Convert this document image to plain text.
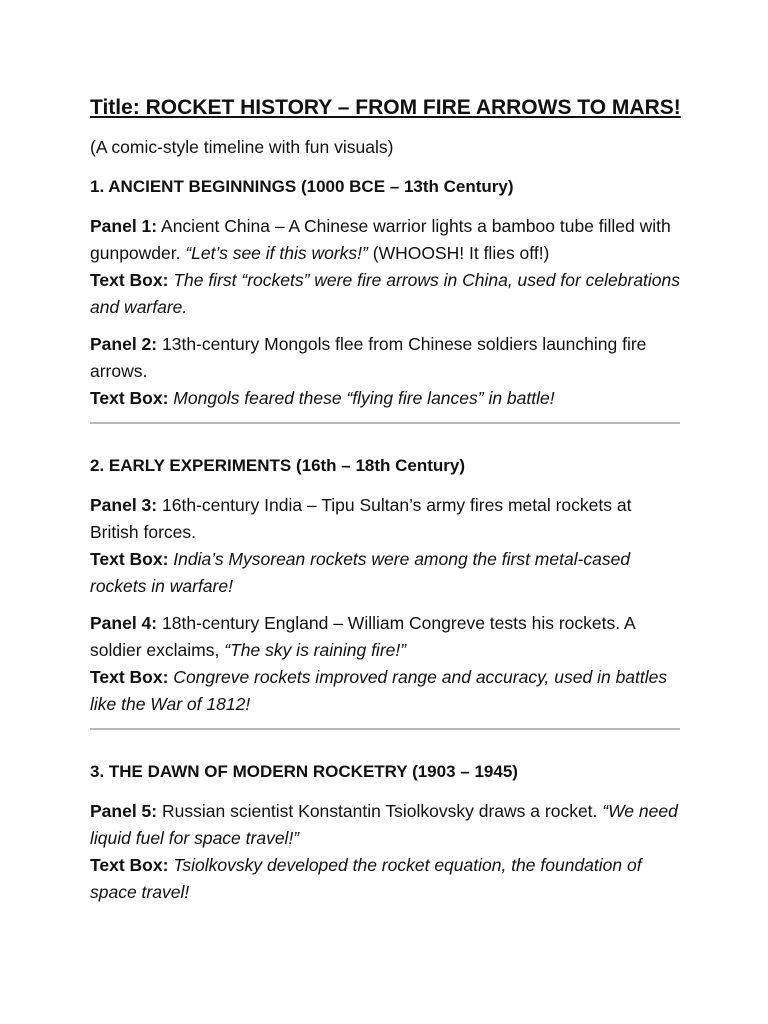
Title: ROCKET HISTORY – FROM FIRE ARROWS TO MARS!

(A comic-style timeline with fun visuals)

1. ANCIENT BEGINNINGS (1000 BCE – 13th Century)

Panel 1: Ancient China – A Chinese warrior lights a bamboo tube filled with gunpowder. “Let’s see if this works!” (WHOOSH! It flies off!)
Text Box: The first “rockets” were fire arrows in China, used for celebrations and warfare.

Panel 2: 13th-century Mongols flee from Chinese soldiers launching fire arrows.
Text Box: Mongols feared these “flying fire lances” in battle!

2. EARLY EXPERIMENTS (16th – 18th Century)

Panel 3: 16th-century India – Tipu Sultan’s army fires metal rockets at British forces.
Text Box: India’s Mysorean rockets were among the first metal-cased rockets in warfare!

Panel 4: 18th-century England – William Congreve tests his rockets. A soldier exclaims, “The sky is raining fire!”
Text Box: Congreve rockets improved range and accuracy, used in battles like the War of 1812!

3. THE DAWN OF MODERN ROCKETRY (1903 – 1945)

Panel 5: Russian scientist Konstantin Tsiolkovsky draws a rocket. “We need liquid fuel for space travel!”
Text Box: Tsiolkovsky developed the rocket equation, the foundation of space travel!
